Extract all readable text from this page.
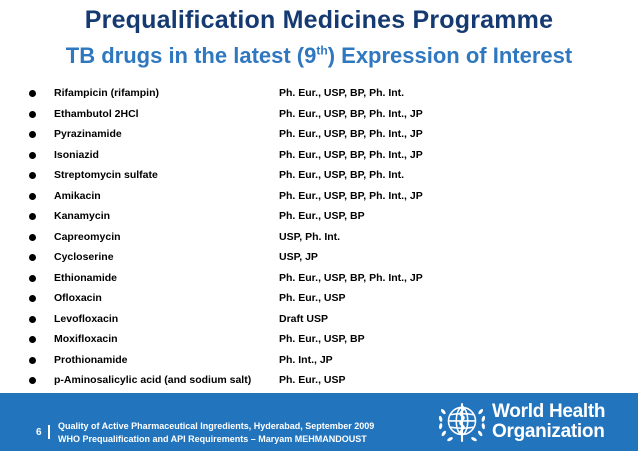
Prequalification Medicines Programme
TB drugs in the latest (9th) Expression of Interest
Rifampicin (rifampin)	Ph. Eur., USP, BP, Ph. Int.
Ethambutol 2HCl	Ph. Eur., USP, BP, Ph. Int., JP
Pyrazinamide	Ph. Eur., USP, BP, Ph. Int., JP
Isoniazid	Ph. Eur., USP, BP, Ph. Int., JP
Streptomycin sulfate	Ph. Eur., USP, BP, Ph. Int.
Amikacin	Ph. Eur., USP, BP, Ph. Int., JP
Kanamycin	Ph. Eur., USP, BP
Capreomycin	USP, Ph. Int.
Cycloserine	USP, JP
Ethionamide	Ph. Eur., USP, BP, Ph. Int., JP
Ofloxacin	Ph. Eur., USP
Levofloxacin	Draft USP
Moxifloxacin	Ph. Eur., USP, BP
Prothionamide	Ph. Int., JP
p-Aminosalicylic acid (and sodium salt)	Ph. Eur., USP
6
Quality of Active Pharmaceutical Ingredients, Hyderabad, September 2009
WHO Prequalification and API Requirements – Maryam MEHMANDOUST
World Health
Organization
